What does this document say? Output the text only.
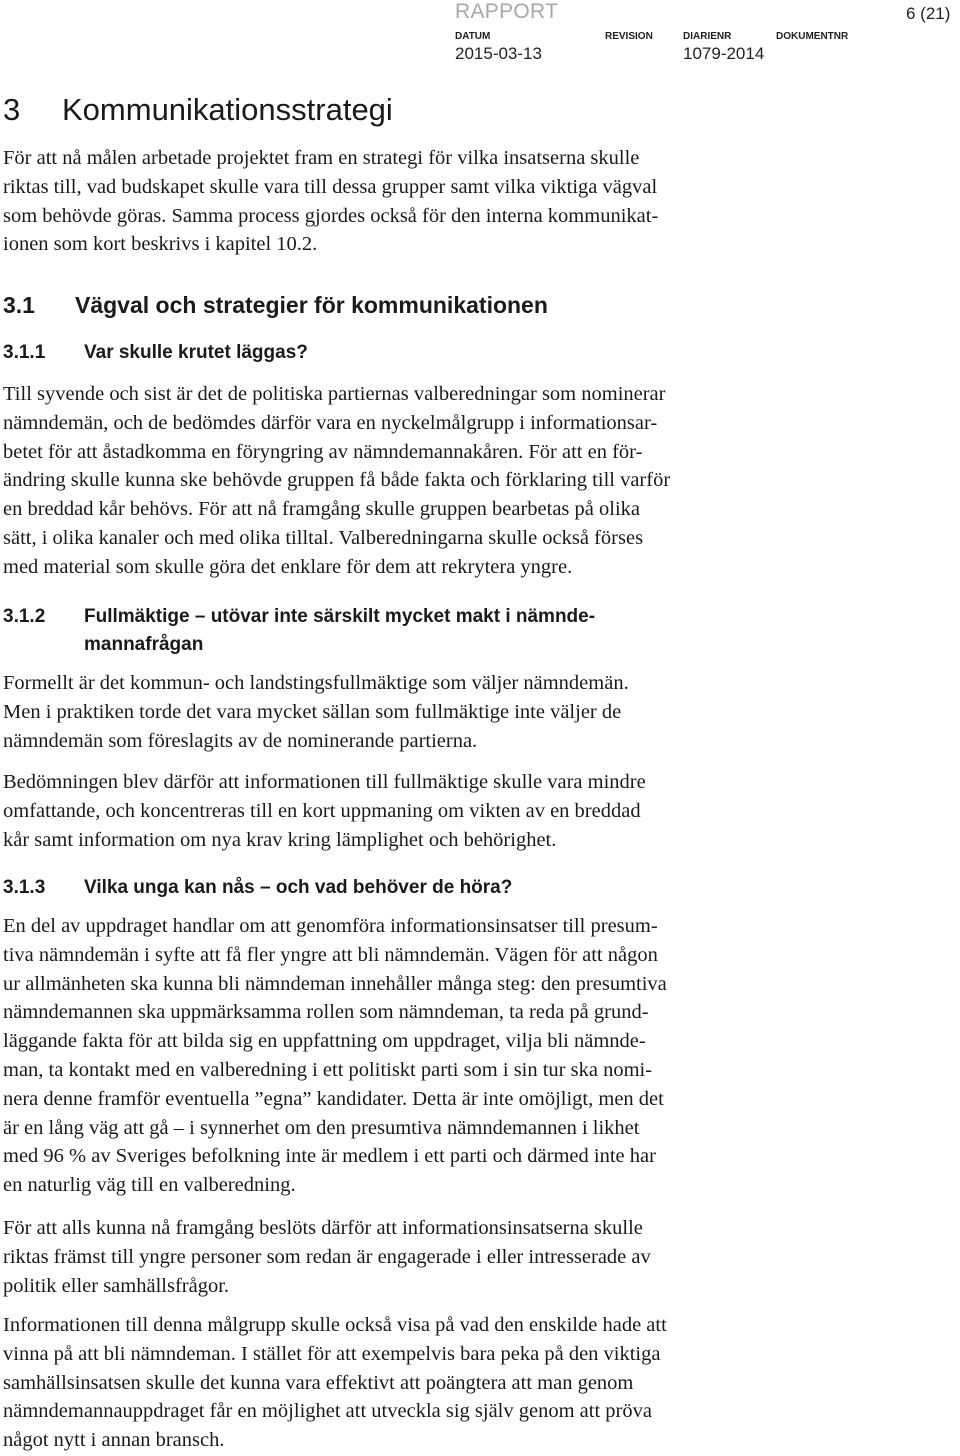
RAPPORT	6 (21)
DATUM	REVISION	DIARIENR	DOKUMENTNR
2015-03-13	1079-2014
3 Kommunikationsstrategi
För att nå målen arbetade projektet fram en strategi för vilka insatserna skulle
riktas till, vad budskapet skulle vara till dessa grupper samt vilka viktiga vägval
som behövde göras. Samma process gjordes också för den interna kommunikat-
ionen som kort beskrivs i kapitel 10.2.
3.1 Vägval och strategier för kommunikationen
3.1.1 Var skulle krutet läggas?
Till syvende och sist är det de politiska partiernas valberedningar som nominerar
nämndemän, och de bedömdes därför vara en nyckelmålgrupp i informationsar-
betet för att åstadkomma en föryngring av nämndemannakåren. För att en för-
ändring skulle kunna ske behövde gruppen få både fakta och förklaring till varför
en breddad kår behövs. För att nå framgång skulle gruppen bearbetas på olika
sätt, i olika kanaler och med olika tilltal. Valberedningarna skulle också förses
med material som skulle göra det enklare för dem att rekrytera yngre.
3.1.2 Fullmäktige – utövar inte särskilt mycket makt i nämnde-
mannafrågan
Formellt är det kommun- och landstingsfullmäktige som väljer nämndemän.
Men i praktiken torde det vara mycket sällan som fullmäktige inte väljer de
nämndemän som föreslagits av de nominerande partierna.
Bedömningen blev därför att informationen till fullmäktige skulle vara mindre
omfattande, och koncentreras till en kort uppmaning om vikten av en breddad
kår samt information om nya krav kring lämplighet och behörighet.
3.1.3 Vilka unga kan nås – och vad behöver de höra?
En del av uppdraget handlar om att genomföra informationsinsatser till presum-
tiva nämndemän i syfte att få fler yngre att bli nämndemän. Vägen för att någon
ur allmänheten ska kunna bli nämndeman innehåller många steg: den presumtiva
nämndemannen ska uppmärksamma rollen som nämndeman, ta reda på grund-
läggande fakta för att bilda sig en uppfattning om uppdraget, vilja bli nämnde-
man, ta kontakt med en valberedning i ett politiskt parti som i sin tur ska nomi-
nera denne framför eventuella ”egna” kandidater. Detta är inte omöjligt, men det
är en lång väg att gå – i synnerhet om den presumtiva nämndemannen i likhet
med 96 % av Sveriges befolkning inte är medlem i ett parti och därmed inte har
en naturlig väg till en valberedning.
För att alls kunna nå framgång beslöts därför att informationsinsatserna skulle
riktas främst till yngre personer som redan är engagerade i eller intresserade av
politik eller samhällsfrågor.
Informationen till denna målgrupp skulle också visa på vad den enskilde hade att
vinna på att bli nämndeman. I stället för att exempelvis bara peka på den viktiga
samhällsinsatsen skulle det kunna vara effektivt att poängtera att man genom
nämndemannauppdraget får en möjlighet att utveckla sig själv genom att pröva
något nytt i annan bransch.
